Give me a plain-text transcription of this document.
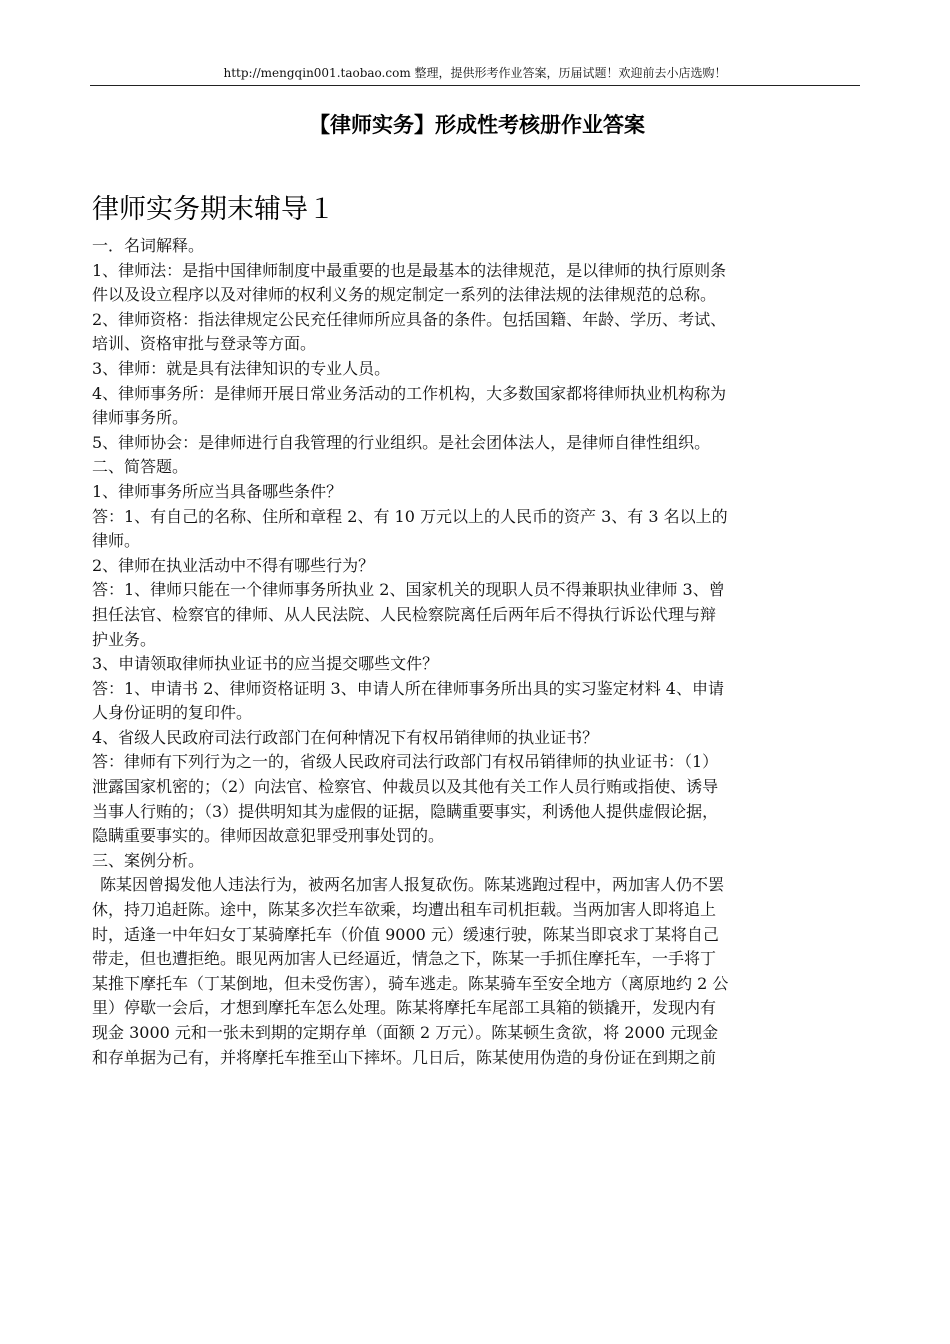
http://mengqin001.taobao.com 整理，提供形考作业答案，历届试题！欢迎前去小店选购！
【律师实务】形成性考核册作业答案
律师实务期末辅导１

一．名词解释。

1、律师法：是指中国律师制度中最重要的也是最基本的法律规范，是以律师的执行原则条件以及设立程序以及对律师的权利义务的规定制定一系列的法律法规的法律规范的总称。

2、律师资格：指法律规定公民充任律师所应具备的条件。包括国籍、年龄、学历、考试、培训、资格审批与登录等方面。

3、律师：就是具有法律知识的专业人员。

4、律师事务所：是律师开展日常业务活动的工作机构，大多数国家都将律师执业机构称为律师事务所。

5、律师协会：是律师进行自我管理的行业组织。是社会团体法人，是律师自律性组织。

二、简答题。

1、律师事务所应当具备哪些条件？

答：1、有自己的名称、住所和章程 2、有 10 万元以上的人民币的资产 3、有 3 名以上的律师。

2、律师在执业活动中不得有哪些行为？

答：1、律师只能在一个律师事务所执业 2、国家机关的现职人员不得兼职执业律师 3、曾担任法官、检察官的律师、从人民法院、人民检察院离任后两年后不得执行诉讼代理与辩护业务。

3、申请领取律师执业证书的应当提交哪些文件？

答：1、申请书 2、律师资格证明 3、申请人所在律师事务所出具的实习鉴定材料 4、申请人身份证明的复印件。

4、省级人民政府司法行政部门在何种情况下有权吊销律师的执业证书？

答：律师有下列行为之一的，省级人民政府司法行政部门有权吊销律师的执业证书：（1）泄露国家机密的；（2）向法官、检察官、仲裁员以及其他有关工作人员行贿或指使、诱导当事人行贿的；（3）提供明知其为虚假的证据，隐瞒重要事实，利诱他人提供虚假论据，隐瞒重要事实的。律师因故意犯罪受刑事处罚的。

三、案例分析。

陈某因曾揭发他人违法行为，被两名加害人报复砍伤。陈某逃跑过程中，两加害人仍不罢休，持刀追赶陈。途中，陈某多次拦车欲乘，均遭出租车司机拒载。当两加害人即将追上时，适逢一中年妇女丁某骑摩托车（价值 9000 元）缓速行驶，陈某当即哀求丁某将自己带走，但也遭拒绝。眼见两加害人已经逼近，情急之下，陈某一手抓住摩托车，一手将丁某推下摩托车（丁某倒地，但未受伤害），骑车逃走。陈某骑车至安全地方（离原地约 2 公里）停歇一会后，才想到摩托车怎么处理。陈某将摩托车尾部工具箱的锁撬开，发现内有现金 3000 元和一张未到期的定期存单（面额 2 万元）。陈某顿生贪欲，将 2000 元现金和存单据为己有，并将摩托车推至山下摔坏。几日后，陈某使用伪造的身份证在到期之前
